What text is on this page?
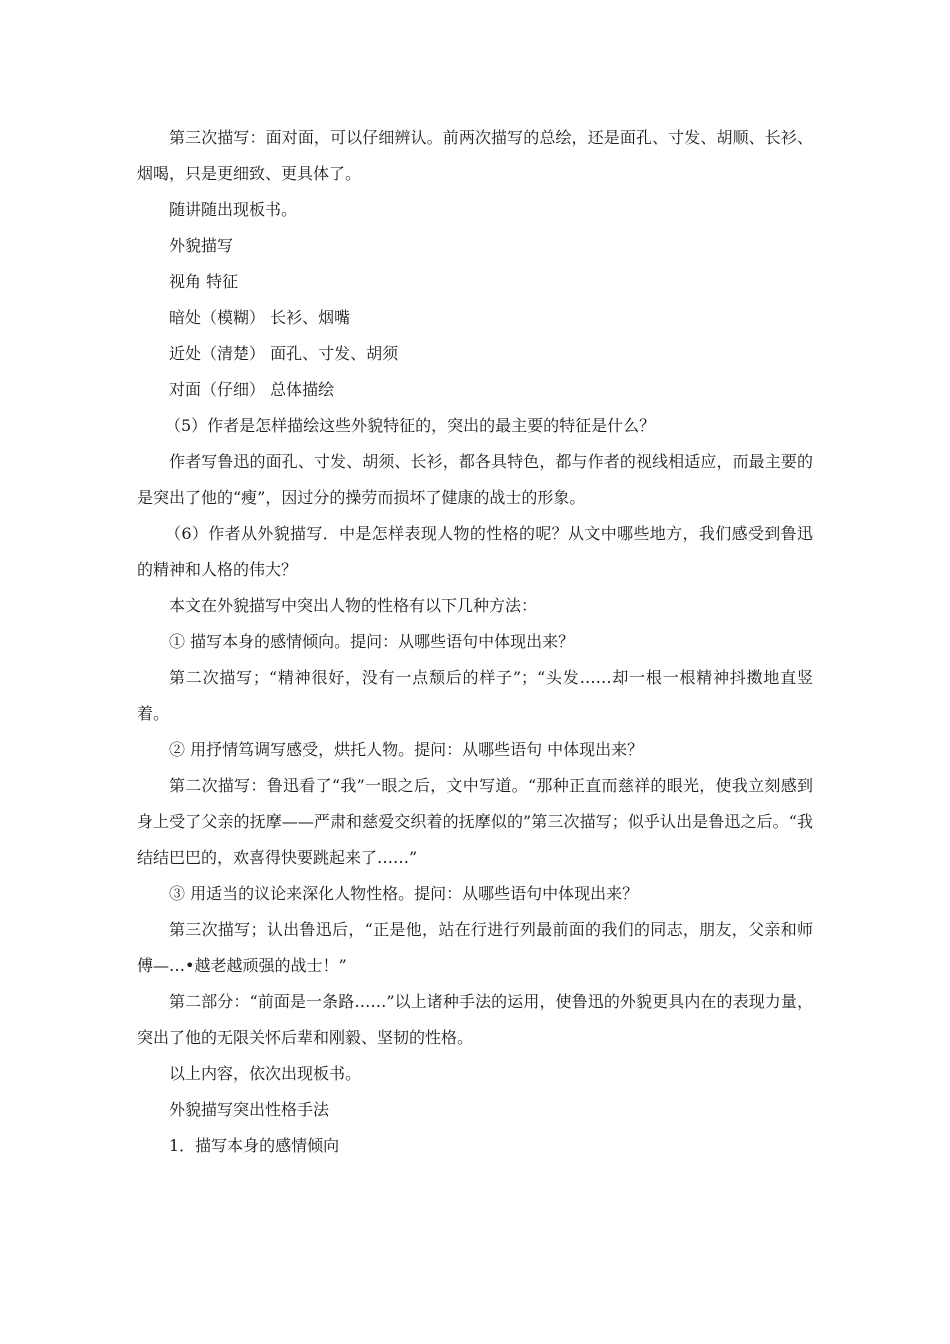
第三次描写：面对面，可以仔细辨认。前两次描写的总绘，还是面孔、寸发、胡顺、长衫、烟喝，只是更细致、更具体了。

随讲随出现板书。

外貌描写

视角 特征

暗处（模糊） 长衫、烟嘴

近处（清楚） 面孔、寸发、胡须

对面（仔细） 总体描绘

（5）作者是怎样描绘这些外貌特征的，突出的最主要的特征是什么？

作者写鲁迅的面孔、寸发、胡须、长衫，都各具特色，都与作者的视线相适应，而最主要的是突出了他的“瘦”，因过分的操劳而损坏了健康的战士的形象。

（6）作者从外貌描写．中是怎样表现人物的性格的呢？从文中哪些地方，我们感受到鲁迅的精神和人格的伟大？

本文在外貌描写中突出人物的性格有以下几种方法：

① 描写本身的感情倾向。提问：从哪些语句中体现出来？

第二次描写；“精神很好，没有一点颓后的样子”；“头发……却一根一根精神抖擞地直竖着。

② 用抒情笃调写感受，烘托人物。提问：从哪些语句 中体现出来？

第二次描写：鲁迅看了“我”一眼之后，文中写道。“那种正直而慈祥的眼光，使我立刻感到身上受了父亲的抚摩——严肃和慈爱交织着的抚摩似的”第三次描写；似乎认出是鲁迅之后。“我结结巴巴的，欢喜得快要跳起来了……”

③ 用适当的议论来深化人物性格。提问：从哪些语句中体现出来？

第三次描写；认出鲁迅后，“正是他，站在行进行列最前面的我们的同志，朋友，父亲和师傅—…•越老越顽强的战士！”

第二部分：“前面是一条路……”以上诸种手法的运用，使鲁迅的外貌更具内在的表现力量，突出了他的无限关怀后辈和刚毅、坚韧的性格。

以上内容，依次出现板书。

外貌描写突出性格手法

1．描写本身的感情倾向
